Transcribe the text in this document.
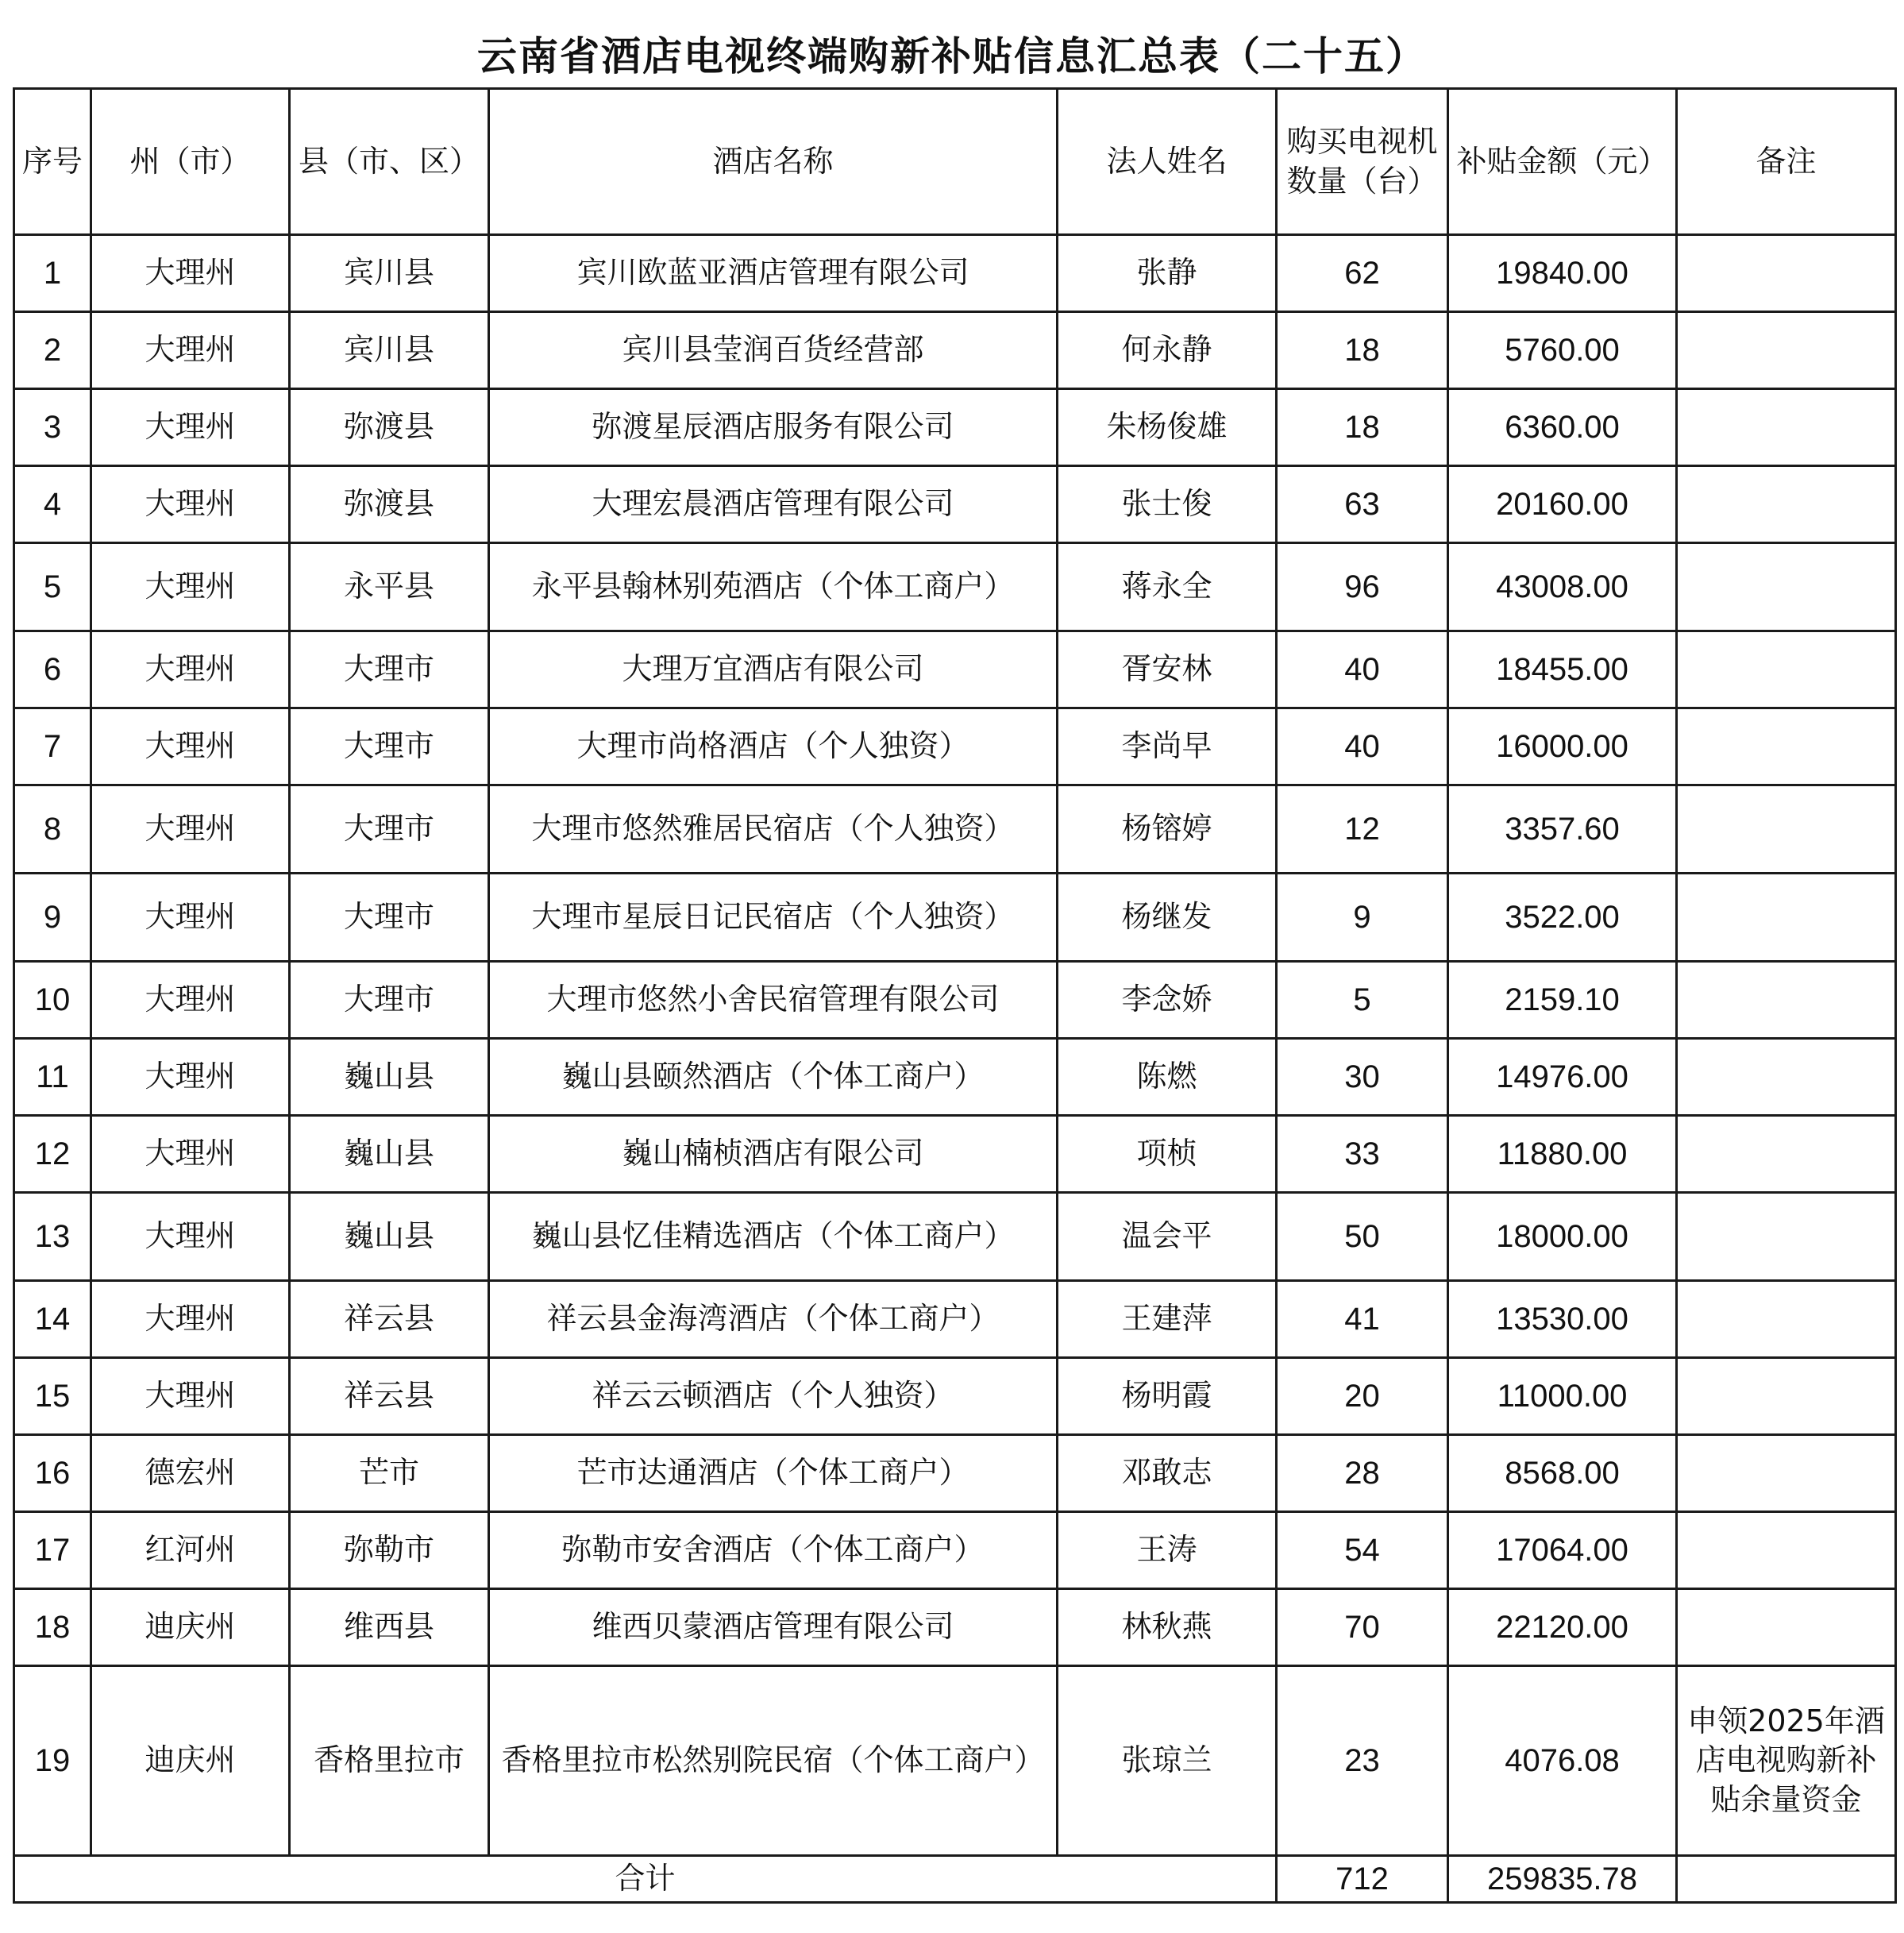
云南省酒店电视终端购新补贴信息汇总表（二十五）
序号	州（市）	县（市、区）	酒店名称	法人姓名	购买电视机数量（台）	补贴金额（元）	备注
1	大理州	宾川县	宾川欧蓝亚酒店管理有限公司	张静	62	19840.00	
2	大理州	宾川县	宾川县莹润百货经营部	何永静	18	5760.00	
3	大理州	弥渡县	弥渡星辰酒店服务有限公司	朱杨俊雄	18	6360.00	
4	大理州	弥渡县	大理宏晨酒店管理有限公司	张士俊	63	20160.00	
5	大理州	永平县	永平县翰林别苑酒店（个体工商户）	蒋永全	96	43008.00	
6	大理州	大理市	大理万宜酒店有限公司	胥安林	40	18455.00	
7	大理州	大理市	大理市尚格酒店（个人独资）	李尚早	40	16000.00	
8	大理州	大理市	大理市悠然雅居民宿店（个人独资）	杨镕婷	12	3357.60	
9	大理州	大理市	大理市星辰日记民宿店（个人独资）	杨继发	9	3522.00	
10	大理州	大理市	大理市悠然小舍民宿管理有限公司	李念娇	5	2159.10	
11	大理州	巍山县	巍山县颐然酒店（个体工商户）	陈燃	30	14976.00	
12	大理州	巍山县	巍山楠桢酒店有限公司	项桢	33	11880.00	
13	大理州	巍山县	巍山县忆佳精选酒店（个体工商户）	温会平	50	18000.00	
14	大理州	祥云县	祥云县金海湾酒店（个体工商户）	王建萍	41	13530.00	
15	大理州	祥云县	祥云云顿酒店（个人独资）	杨明霞	20	11000.00	
16	德宏州	芒市	芒市达通酒店（个体工商户）	邓敢志	28	8568.00	
17	红河州	弥勒市	弥勒市安舍酒店（个体工商户）	王涛	54	17064.00	
18	迪庆州	维西县	维西贝蒙酒店管理有限公司	林秋燕	70	22120.00	
19	迪庆州	香格里拉市	香格里拉市松然别院民宿（个体工商户）	张琼兰	23	4076.08	申领2025年酒店电视购新补贴余量资金
合计					712	259835.78	
